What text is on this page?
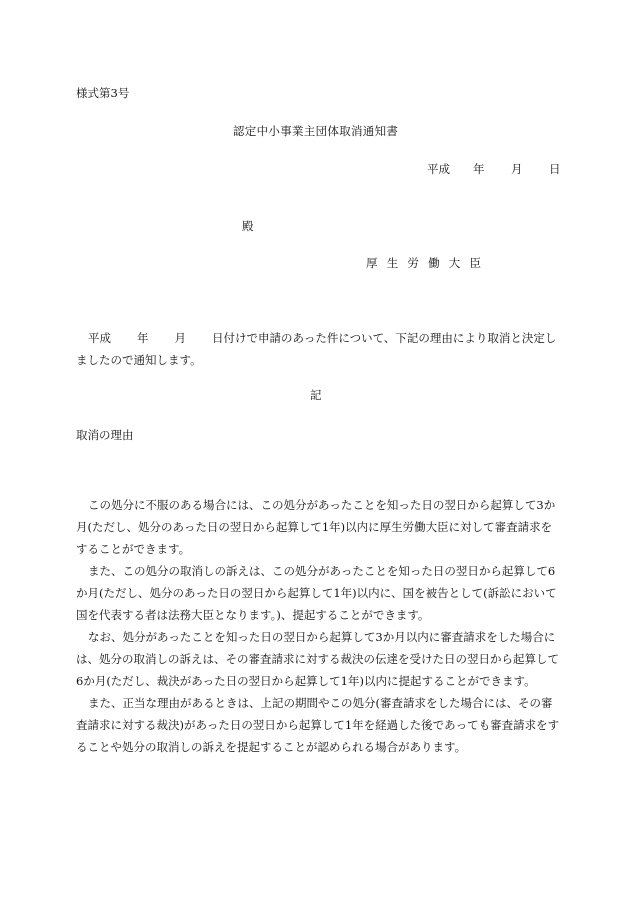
様式第3号
認定中小事業主団体取消通知書
平成 年 月 日
殿
厚生労働大臣
平成 年 月 日付けで申請のあった件について、下記の理由により取消と決定しましたので通知します。
記
取消の理由

この処分に不服のある場合には、この処分があったことを知った日の翌日から起算して3か月(ただし、処分のあった日の翌日から起算して1年)以内に厚生労働大臣に対して審査請求をすることができます。

また、この処分の取消しの訴えは、この処分があったことを知った日の翌日から起算して6か月(ただし、処分のあった日の翌日から起算して1年)以内に、国を被告として(訴訟において国を代表する者は法務大臣となります。)、提起することができます。

なお、処分があったことを知った日の翌日から起算して3か月以内に審査請求をした場合には、処分の取消しの訴えは、その審査請求に対する裁決の伝達を受けた日の翌日から起算して6か月(ただし、裁決があった日の翌日から起算して1年)以内に提起することができます。

また、正当な理由があるときは、上記の期間やこの処分(審査請求をした場合には、その審査請求に対する裁決)があった日の翌日から起算して1年を経過した後であっても審査請求をすることや処分の取消しの訴えを提起することが認められる場合があります。
